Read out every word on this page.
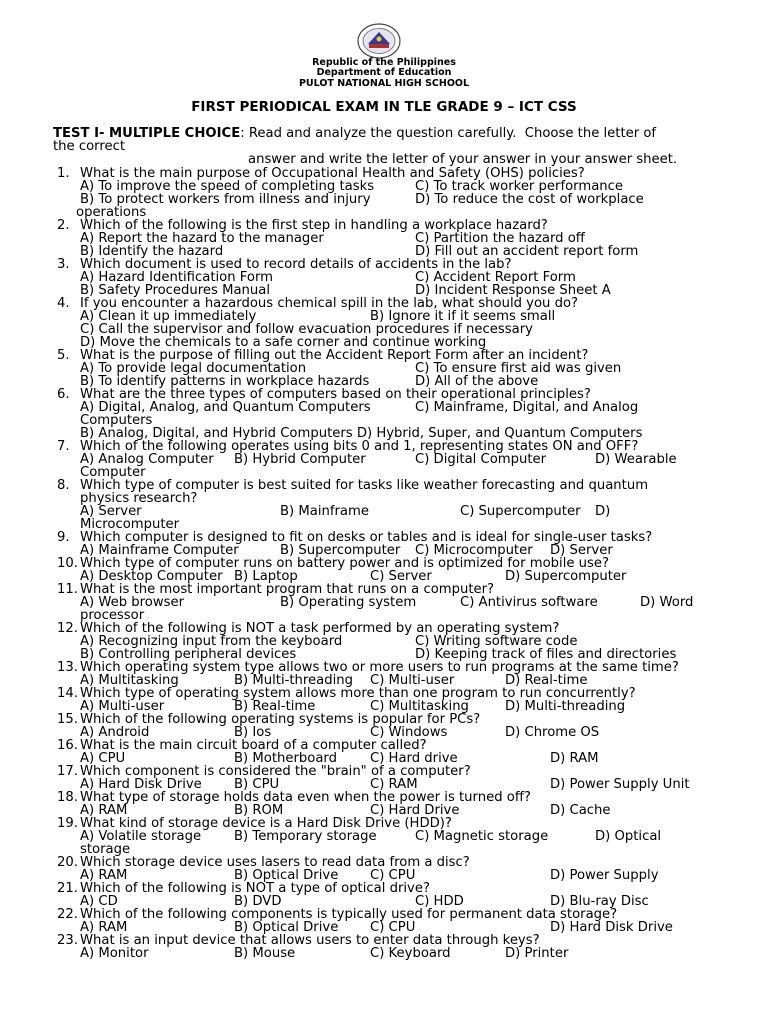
Republic of the Philippines
Department of Education
PULOT NATIONAL HIGH SCHOOL
FIRST PERIODICAL EXAM IN TLE GRADE 9 – ICT CSS
TEST I- MULTIPLE CHOICE: Read and analyze the question carefully.  Choose the letter of
the correct
answer and write the letter of your answer in your answer sheet.
1. What is the main purpose of Occupational Health and Safety (OHS) policies?
A) To improve the speed of completing tasks	C) To track worker performance
B) To protect workers from illness and injury	D) To reduce the cost of workplace
operations
2. Which of the following is the first step in handling a workplace hazard?
A) Report the hazard to the manager	C) Partition the hazard off
B) Identify the hazard	D) Fill out an accident report form
3. Which document is used to record details of accidents in the lab?
A) Hazard Identification Form	C) Accident Report Form
B) Safety Procedures Manual	D) Incident Response Sheet A
4. If you encounter a hazardous chemical spill in the lab, what should you do?
A) Clean it up immediately	B) Ignore it if it seems small
C) Call the supervisor and follow evacuation procedures if necessary
D) Move the chemicals to a safe corner and continue working
5. What is the purpose of filling out the Accident Report Form after an incident?
A) To provide legal documentation	C) To ensure first aid was given
B) To identify patterns in workplace hazards	D) All of the above
6. What are the three types of computers based on their operational principles?
A) Digital, Analog, and Quantum Computers	C) Mainframe, Digital, and Analog
Computers
B) Analog, Digital, and Hybrid Computers D) Hybrid, Super, and Quantum Computers
7. Which of the following operates using bits 0 and 1, representing states ON and OFF?
A) Analog Computer B) Hybrid Computer	C) Digital Computer	D) Wearable
Computer
8. Which type of computer is best suited for tasks like weather forecasting and quantum
physics research?
A) Server	B) Mainframe	C) Supercomputer D)
Microcomputer
9. Which computer is designed to fit on desks or tables and is ideal for single-user tasks?
A) Mainframe Computer	B) Supercomputer C) Microcomputer D) Server
10. Which type of computer runs on battery power and is optimized for mobile use?
A) Desktop Computer B) Laptop	C) Server	D) Supercomputer
11. What is the most important program that runs on a computer?
A) Web browser	B) Operating system	C) Antivirus software	D) Word
processor
12. Which of the following is NOT a task performed by an operating system?
A) Recognizing input from the keyboard	C) Writing software code
B) Controlling peripheral devices	D) Keeping track of files and directories
13. Which operating system type allows two or more users to run programs at the same time?
A) Multitasking	B) Multi-threading C) Multi-user	D) Real-time
14. Which type of operating system allows more than one program to run concurrently?
A) Multi-user	B) Real-time	C) Multitasking	D) Multi-threading
15. Which of the following operating systems is popular for PCs?
A) Android	B) Ios	C) Windows	D) Chrome OS
16. What is the main circuit board of a computer called?
A) CPU	B) Motherboard	C) Hard drive	D) RAM
17. Which component is considered the "brain" of a computer?
A) Hard Disk Drive B) CPU	C) RAM	D) Power Supply Unit
18. What type of storage holds data even when the power is turned off?
A) RAM	B) ROM	C) Hard Drive	D) Cache
19. What kind of storage device is a Hard Disk Drive (HDD)?
A) Volatile storage B) Temporary storage	C) Magnetic storage	D) Optical
storage
20. Which storage device uses lasers to read data from a disc?
A) RAM	B) Optical Drive C) CPU	D) Power Supply
21. Which of the following is NOT a type of optical drive?
A) CD	B) DVD	C) HDD	D) Blu-ray Disc
22. Which of the following components is typically used for permanent data storage?
A) RAM	B) Optical Drive C) CPU	D) Hard Disk Drive
23. What is an input device that allows users to enter data through keys?
A) Monitor	B) Mouse	C) Keyboard	D) Printer
